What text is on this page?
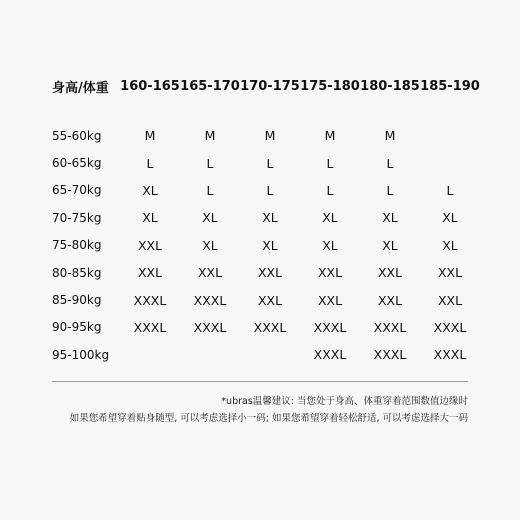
身高/体重	160-165	165-170	170-175	175-180	180-185	185-190

55-60kg	M	M	M	M	M	
60-65kg	L	L	L	L	L	
65-70kg	XL	L	L	L	L	L
70-75kg	XL	XL	XL	XL	XL	XL
75-80kg	XXL	XL	XL	XL	XL	XL
80-85kg	XXL	XXL	XXL	XXL	XXL	XXL
85-90kg	XXXL	XXXL	XXL	XXL	XXL	XXL
90-95kg	XXXL	XXXL	XXXL	XXXL	XXXL	XXXL
95-100kg				XXXL	XXXL	XXXL
*ubras温馨建议: 当您处于身高、体重穿着范围数值边缘时
如果您希望穿着贴身随型, 可以考虑选择小一码; 如果您希望穿着轻松舒适, 可以考虑选择大一码
